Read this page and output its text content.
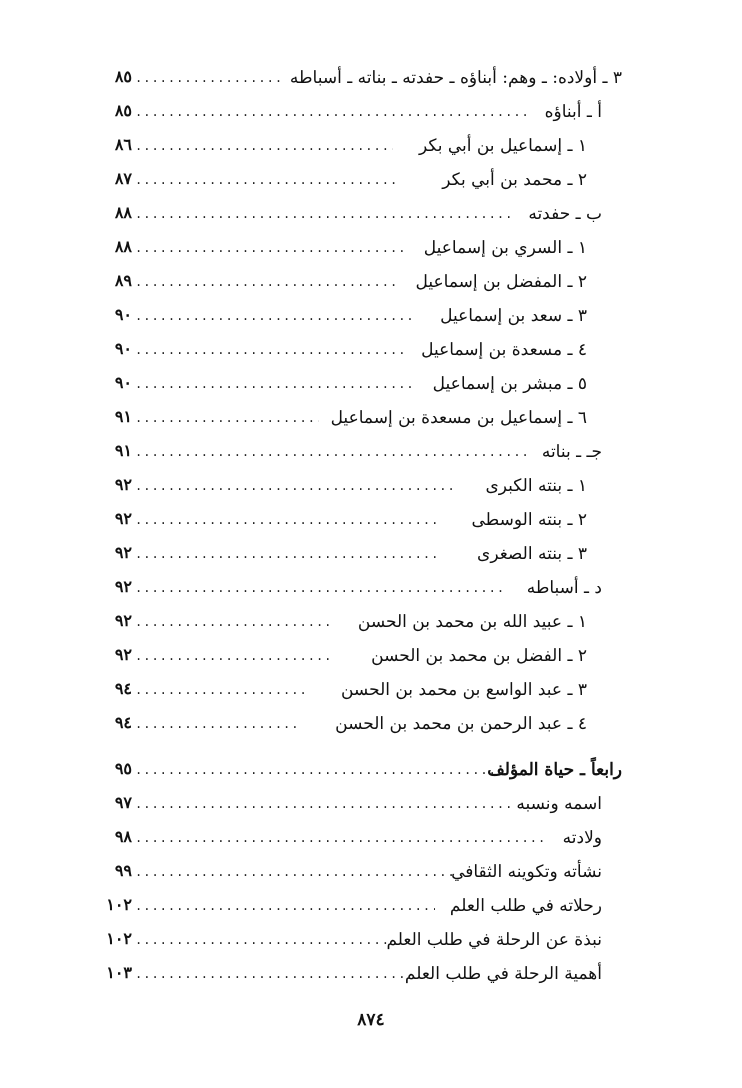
٣ ـ أولاده: ـ وهم: أبناؤه ـ حفدته ـ بناته ـ أسباطه
.....
٨٥
أ ـ أبناؤه
.....
٨٥
١ ـ إسماعيل بن أبي بكر
.....
٨٦
٢ ـ محمد بن أبي بكر
.....
٨٧
ب ـ حفدته
.....
٨٨
١ ـ السري بن إسماعيل
.....
٨٨
٢ ـ المفضل بن إسماعيل
.....
٨٩
٣ ـ سعد بن إسماعيل
.....
٩٠
٤ ـ مسعدة بن إسماعيل
.....
٩٠
٥ ـ مبشر بن إسماعيل
.....
٩٠
٦ ـ إسماعيل بن مسعدة بن إسماعيل
.....
٩١
جـ ـ بناته
.....
٩١
١ ـ بنته الكبرى
.....
٩٢
٢ ـ بنته الوسطى
.....
٩٢
٣ ـ بنته الصغرى
.....
٩٢
د ـ أسباطه
.....
٩٢
١ ـ عبيد الله بن محمد بن الحسن
.....
٩٢
٢ ـ الفضل بن محمد بن الحسن
.....
٩٢
٣ ـ عبد الواسع بن محمد بن الحسن
.....
٩٤
٤ ـ عبد الرحمن بن محمد بن الحسن
.....
٩٤
رابعاً ـ حياة المؤلف
.....
٩٥
اسمه ونسبه
.....
٩٧
ولادته
.....
٩٨
نشأته وتكوينه الثقافي
.....
٩٩
رحلاته في طلب العلم
.....
١٠٢
نبذة عن الرحلة في طلب العلم
.....
١٠٢
أهمية الرحلة في طلب العلم
.....
١٠٣
٨٧٤
